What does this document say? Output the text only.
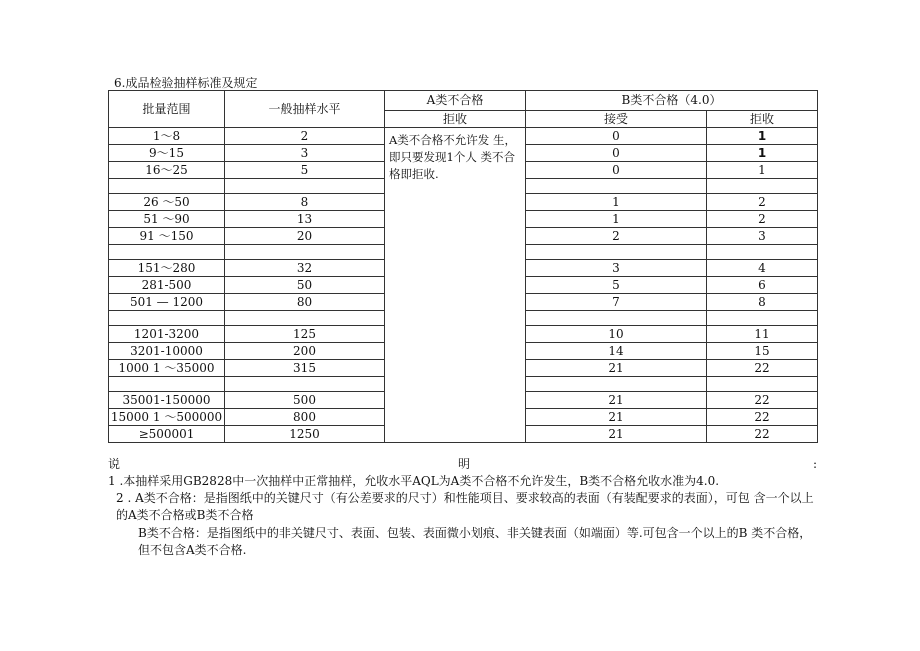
6.成品检验抽样标准及规定
批量范围	一般抽样水平	A类不合格	B类不合格（4.0）	
		拒收	接受	拒收
1～8	2	A类不合格不允许发 生，即只要发现1个人 类不合格即拒收.	0	1
9～15	3		0	1
16～25	5		0	1

26 ～50	8		1	2
51 ～90	13		1	2
91 ～150	20		2	3

151～280	32		3	4
281-500	50		5	6
501 — 1200	80		7	8

1201-3200	125		10	11
3201-10000	200		14	15
1000 1 ～35000	315		21	22

35001-150000	500		21	22
15000 1 ～500000	800		21	22
≥500001	1250		21	22
说	明	:

1 .本抽样采用GB2828中一次抽样中正常抽样，允收水平AQL为A类不合格不允许发生，B类不合格允收水准为4.0.

2 . A类不合格：是指图纸中的关键尺寸（有公差要求的尺寸）和性能项目、要求较高的表面（有装配要求的表面），可包 含一个以上的A类不合格或B类不合格

B类不合格：是指图纸中的非关键尺寸、表面、包装、表面微小划痕、非关键表面（如端面）等.可包含一个以上的B 类不合格，但不包含A类不合格.
